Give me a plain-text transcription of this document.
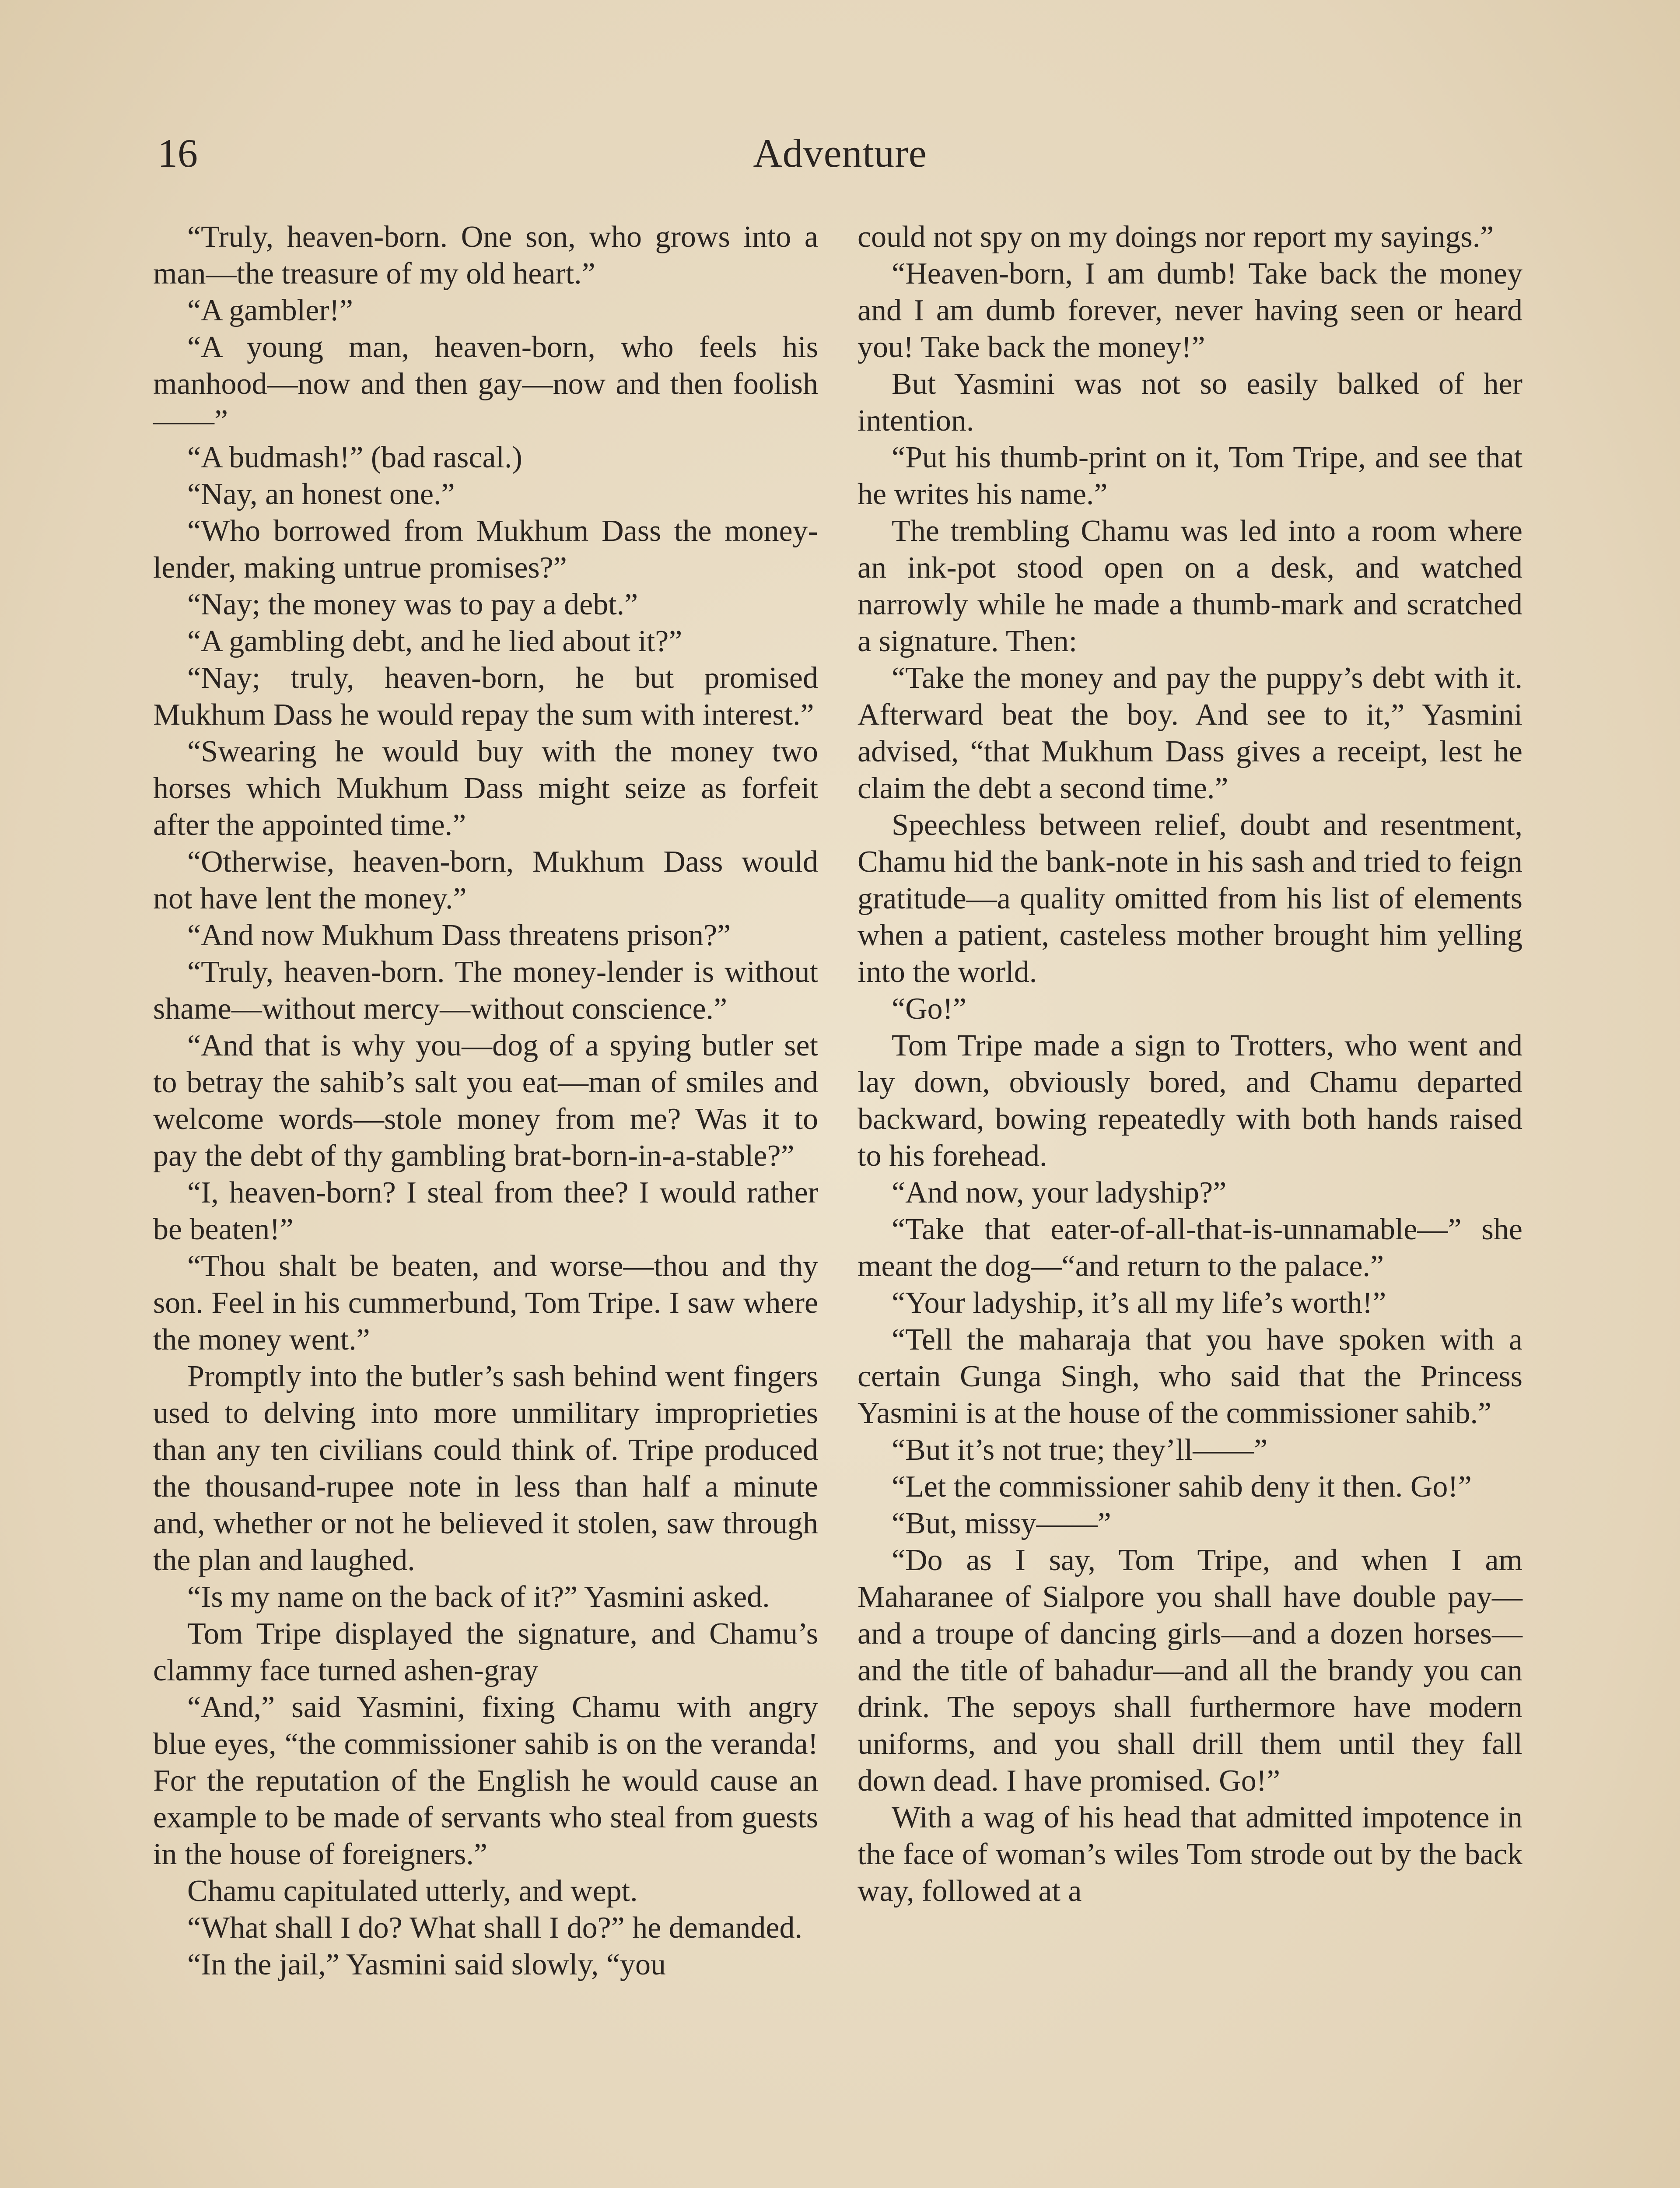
16	Adventure

“Truly, heaven-born. One son, who grows into a man—the treasure of my old heart.”

“A gambler!”

“A young man, heaven-born, who feels his manhood—now and then gay—now and then foolish——”

“A budmash!” (bad rascal.)

“Nay, an honest one.”

“Who borrowed from Mukhum Dass the money-lender, making untrue promises?”

“Nay; the money was to pay a debt.”

“A gambling debt, and he lied about it?”

“Nay; truly, heaven-born, he but promised Mukhum Dass he would repay the sum with interest.”

“Swearing he would buy with the money two horses which Mukhum Dass might seize as forfeit after the appointed time.”

“Otherwise, heaven-born, Mukhum Dass would not have lent the money.”

“And now Mukhum Dass threatens prison?”

“Truly, heaven-born. The money-lender is without shame—without mercy—without conscience.”

“And that is why you—dog of a spying butler set to betray the sahib’s salt you eat—man of smiles and welcome words—stole money from me? Was it to pay the debt of thy gambling brat-born-in-a-stable?”

“I, heaven-born? I steal from thee? I would rather be beaten!”

“Thou shalt be beaten, and worse—thou and thy son. Feel in his cummerbund, Tom Tripe. I saw where the money went.”

Promptly into the butler’s sash behind went fingers used to delving into more unmilitary improprieties than any ten civilians could think of. Tripe produced the thousand-rupee note in less than half a minute and, whether or not he believed it stolen, saw through the plan and laughed.

“Is my name on the back of it?” Yasmini asked.

Tom Tripe displayed the signature, and Chamu’s clammy face turned ashen-gray

“And,” said Yasmini, fixing Chamu with angry blue eyes, “the commissioner sahib is on the veranda! For the reputation of the English he would cause an example to be made of servants who steal from guests in the house of foreigners.”

Chamu capitulated utterly, and wept.

“What shall I do? What shall I do?” he demanded.

“In the jail,” Yasmini said slowly, “you

could not spy on my doings nor report my sayings.”

“Heaven-born, I am dumb! Take back the money and I am dumb forever, never having seen or heard you! Take back the money!”

But Yasmini was not so easily balked of her intention.

“Put his thumb-print on it, Tom Tripe, and see that he writes his name.”

The trembling Chamu was led into a room where an ink-pot stood open on a desk, and watched narrowly while he made a thumb-mark and scratched a signature. Then:

“Take the money and pay the puppy’s debt with it. Afterward beat the boy. And see to it,” Yasmini advised, “that Mukhum Dass gives a receipt, lest he claim the debt a second time.”

Speechless between relief, doubt and resentment, Chamu hid the bank-note in his sash and tried to feign gratitude—a quality omitted from his list of elements when a patient, casteless mother brought him yelling into the world.

“Go!”

Tom Tripe made a sign to Trotters, who went and lay down, obviously bored, and Chamu departed backward, bowing repeatedly with both hands raised to his forehead.

“And now, your ladyship?”

“Take that eater-of-all-that-is-unnamable—” she meant the dog—“and return to the palace.”

“Your ladyship, it’s all my life’s worth!”

“Tell the maharaja that you have spoken with a certain Gunga Singh, who said that the Princess Yasmini is at the house of the commissioner sahib.”

“But it’s not true; they’ll——”

“Let the commissioner sahib deny it then. Go!”

“But, missy——”

“Do as I say, Tom Tripe, and when I am Maharanee of Sialpore you shall have double pay—and a troupe of dancing girls—and a dozen horses—and the title of bahadur—and all the brandy you can drink. The sepoys shall furthermore have modern uniforms, and you shall drill them until they fall down dead. I have promised. Go!”

With a wag of his head that admitted impotence in the face of woman’s wiles Tom strode out by the back way, followed at a
